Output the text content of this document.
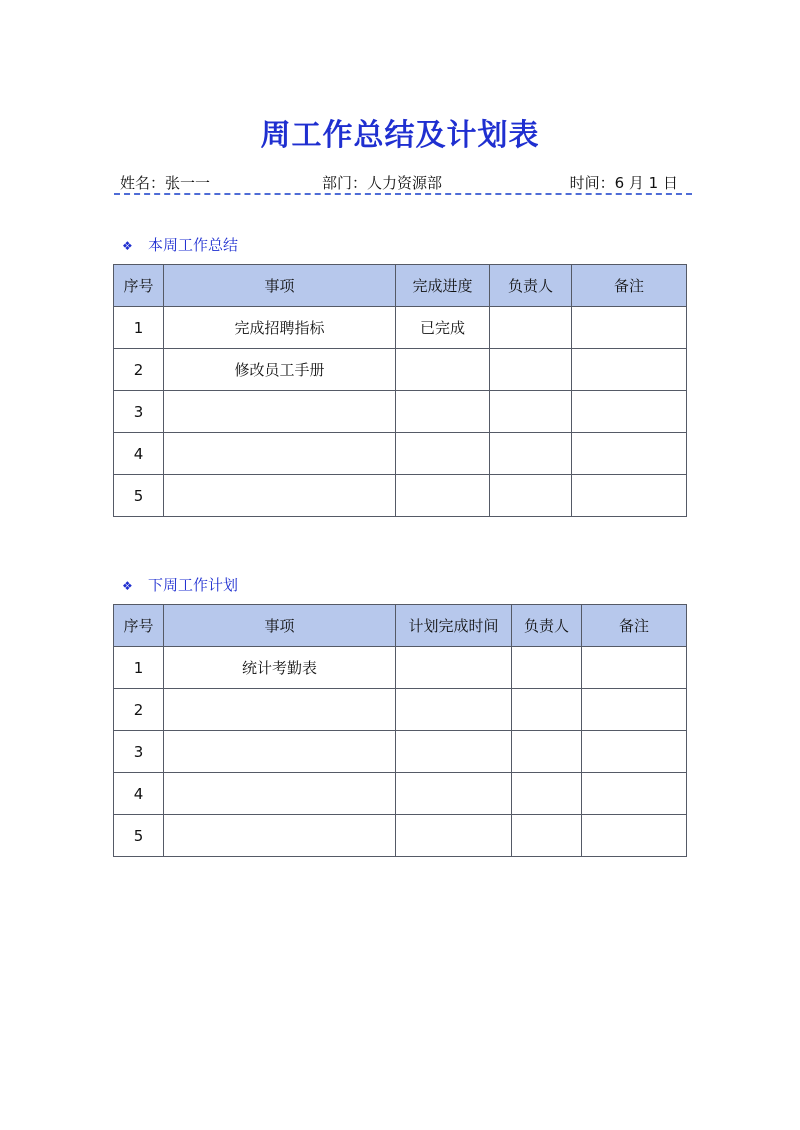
周工作总结及计划表
姓名：张一一	部门：人力资源部	时间：6 月 1 日
❖ 本周工作总结
序号	事项	完成进度	负责人	备注
1	完成招聘指标	已完成		
2	修改员工手册			
3				
4				
5				
❖ 下周工作计划
序号	事项	计划完成时间	负责人	备注
1	统计考勤表			
2				
3				
4				
5				
